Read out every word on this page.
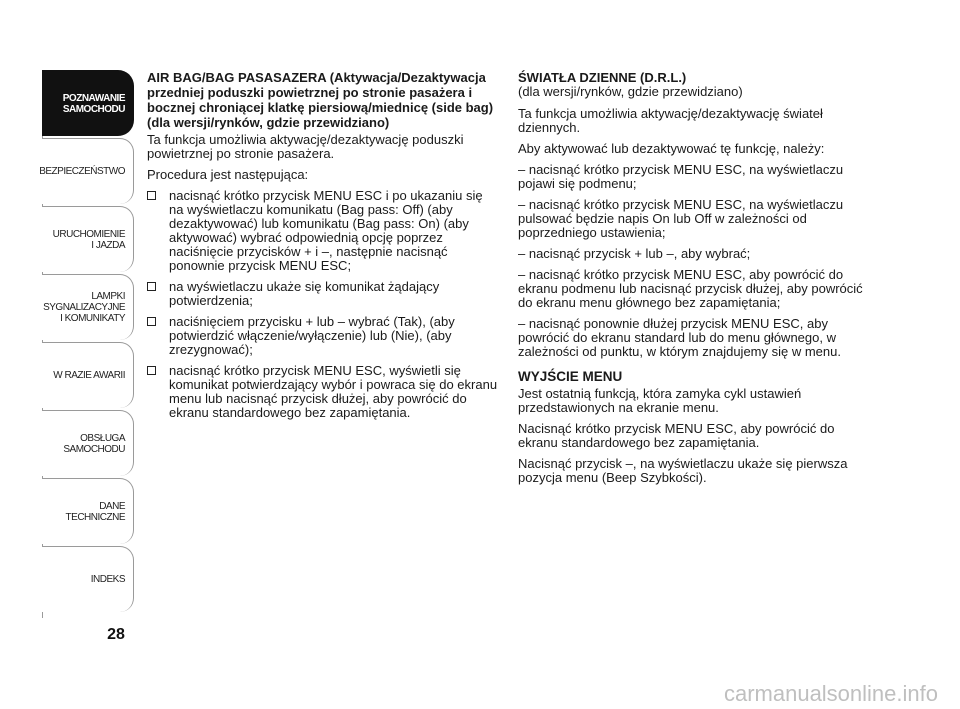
POZNAWANIE
SAMOCHODU
BEZPIECZEŃSTWO
URUCHOMIENIE
I JAZDA
LAMPKI
SYGNALIZACYJNE
I KOMUNIKATY
W RAZIE AWARII
OBSŁUGA
SAMOCHODU
DANE
TECHNICZNE
INDEKS
28
AIR BAG/BAG PASASAZERA (Aktywacja/Dezaktywacja przedniej poduszki powietrznej po stronie pasażera i bocznej chroniącej klatkę piersiową/miednicę (side bag) (dla wersji/rynków, gdzie przewidziano)

Ta funkcja umożliwia aktywację/dezaktywację poduszki powietrznej po stronie pasażera.

Procedura jest następująca:

nacisnąć krótko przycisk MENU ESC i po ukazaniu się na wyświetlaczu komunikatu (Bag pass: Off) (aby dezaktywować) lub komunikatu (Bag pass: On) (aby aktywować) wybrać odpowiednią opcję poprzez naciśnięcie przycisków + i –, następnie nacisnąć ponownie przycisk MENU ESC;
na wyświetlaczu ukaże się komunikat żądający potwierdzenia;
naciśnięciem przycisku + lub – wybrać (Tak), (aby potwierdzić włączenie/wyłączenie) lub (Nie), (aby zrezygnować);
nacisnąć krótko przycisk MENU ESC, wyświetli się komunikat potwierdzający wybór i powraca się do ekranu menu lub nacisnąć przycisk dłużej, aby powrócić do ekranu standardowego bez zapamiętania.
ŚWIATŁA DZIENNE (D.R.L.)
(dla wersji/rynków, gdzie przewidziano)

Ta funkcja umożliwia aktywację/dezaktywację świateł dziennych.

Aby aktywować lub dezaktywować tę funkcję, należy:

– nacisnąć krótko przycisk MENU ESC, na wyświetlaczu pojawi się podmenu;

– nacisnąć krótko przycisk MENU ESC, na wyświetlaczu pulsować będzie napis On lub Off w zależności od poprzedniego ustawienia;

– nacisnąć przycisk + lub –, aby wybrać;

– nacisnąć krótko przycisk MENU ESC, aby powrócić do ekranu podmenu lub nacisnąć przycisk dłużej, aby powrócić do ekranu menu głównego bez zapamiętania;

– nacisnąć ponownie dłużej przycisk MENU ESC, aby powrócić do ekranu standard lub do menu głównego, w zależności od punktu, w którym znajdujemy się w menu.

WYJŚCIE MENU

Jest ostatnią funkcją, która zamyka cykl ustawień przedstawionych na ekranie menu.

Nacisnąć krótko przycisk MENU ESC, aby powrócić do ekranu standardowego bez zapamiętania.

Nacisnąć przycisk –, na wyświetlaczu ukaże się pierwsza pozycja menu (Beep Szybkości).

carmanualsonline.info
